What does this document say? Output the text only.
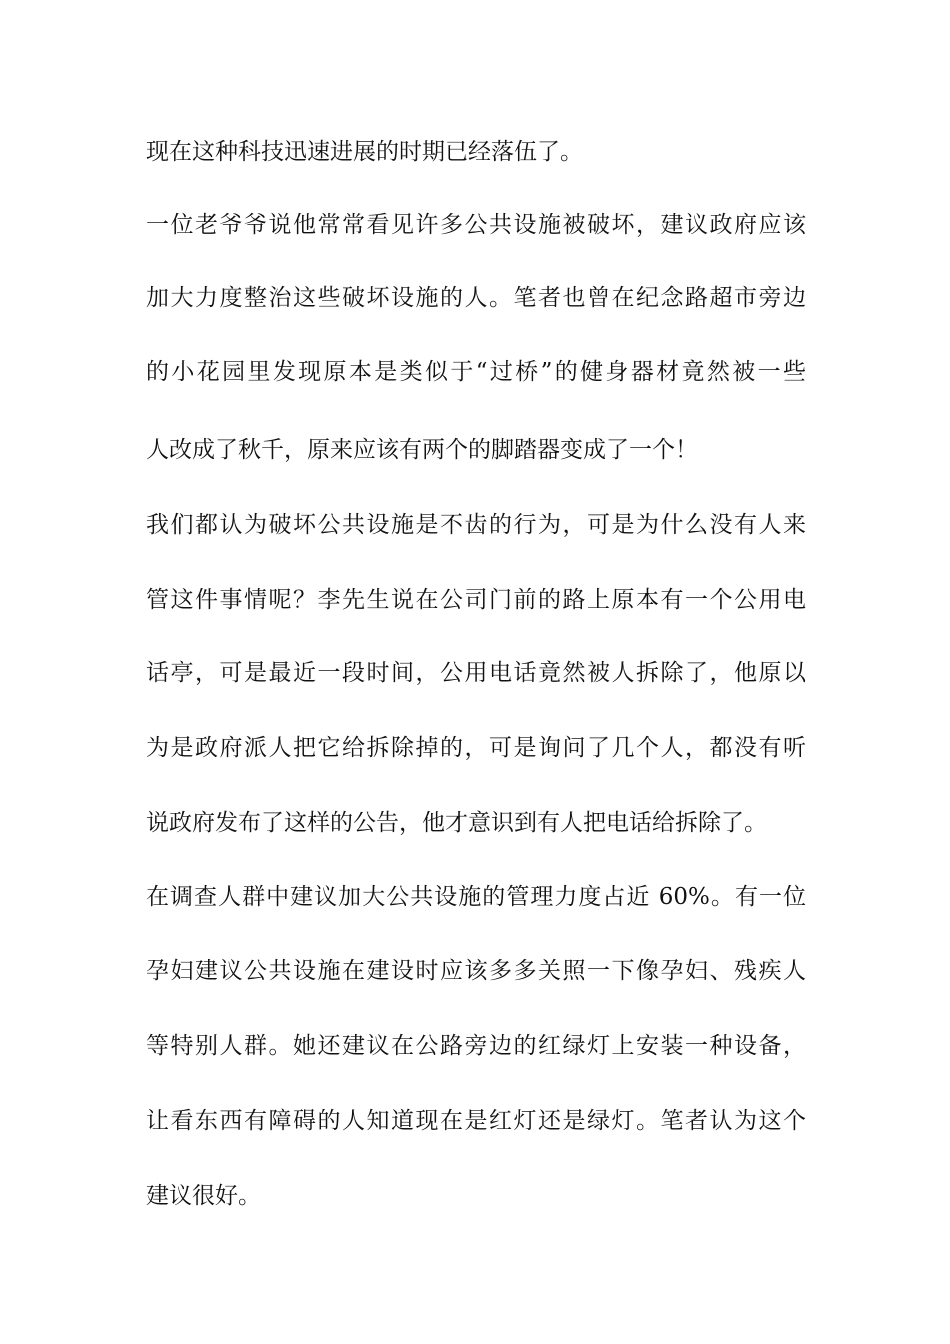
现在这种科技迅速进展的时期已经落伍了。
一位老爷爷说他常常看见许多公共设施被破坏，建议政府应该
加大力度整治这些破坏设施的人。笔者也曾在纪念路超市旁边
的小花园里发现原本是类似于“过桥”的健身器材竟然被一些
人改成了秋千，原来应该有两个的脚踏器变成了一个！
我们都认为破坏公共设施是不齿的行为，可是为什么没有人来
管这件事情呢？李先生说在公司门前的路上原本有一个公用电
话亭，可是最近一段时间，公用电话竟然被人拆除了，他原以
为是政府派人把它给拆除掉的，可是询问了几个人，都没有听
说政府发布了这样的公告，他才意识到有人把电话给拆除了。
在调查人群中建议加大公共设施的管理力度占近 60%。有一位
孕妇建议公共设施在建设时应该多多关照一下像孕妇、残疾人
等特别人群。她还建议在公路旁边的红绿灯上安装一种设备，
让看东西有障碍的人知道现在是红灯还是绿灯。笔者认为这个
建议很好。
